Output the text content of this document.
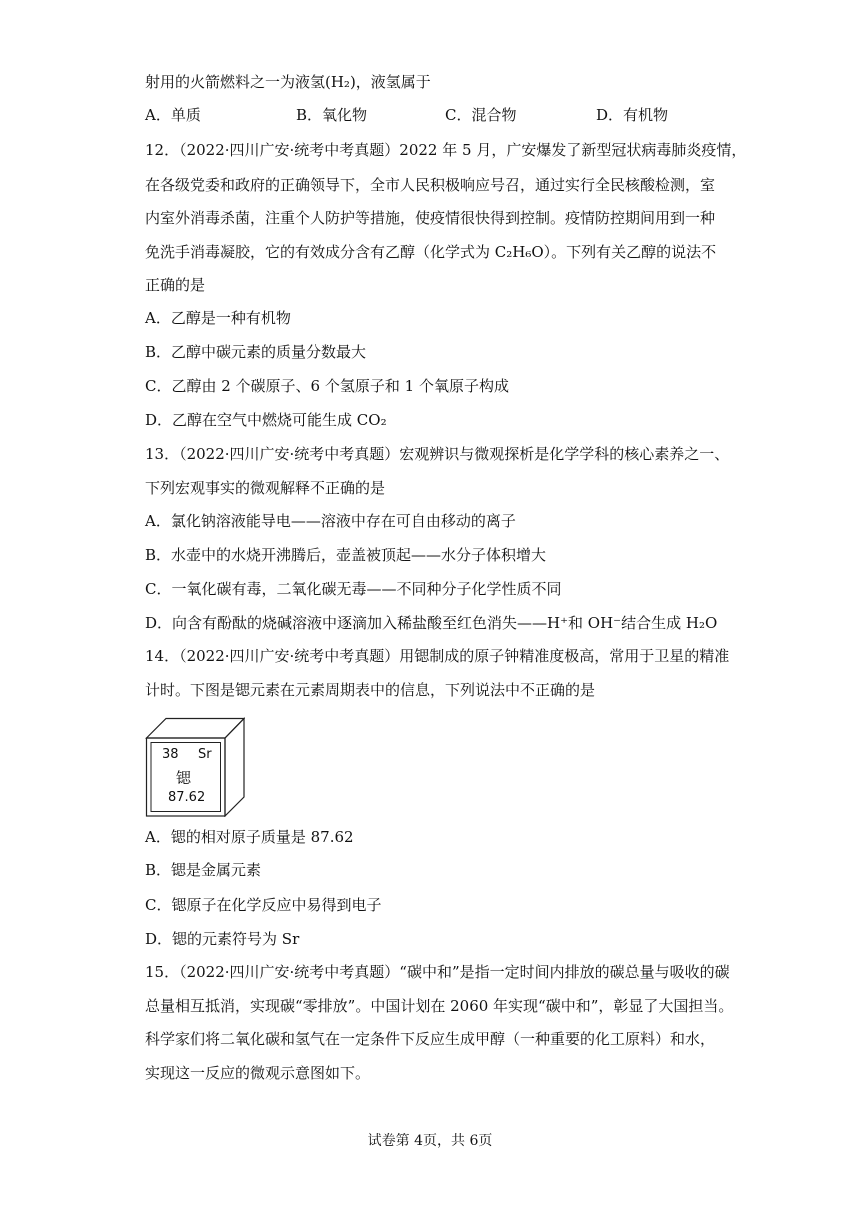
射用的火箭燃料之一为液氢(H₂)，液氢属于
A．单质	B．氧化物	C．混合物	D．有机物
12．（2022·四川广安·统考中考真题）2022 年 5 月，广安爆发了新型冠状病毒肺炎疫情，
在各级党委和政府的正确领导下，全市人民积极响应号召，通过实行全民核酸检测，室
内室外消毒杀菌，注重个人防护等措施，使疫情很快得到控制。疫情防控期间用到一种
免洗手消毒凝胶，它的有效成分含有乙醇（化学式为 C₂H₆O）。下列有关乙醇的说法不
正确的是
A．乙醇是一种有机物
B．乙醇中碳元素的质量分数最大
C．乙醇由 2 个碳原子、6 个氢原子和 1 个氧原子构成
D．乙醇在空气中燃烧可能生成 CO₂
13．（2022·四川广安·统考中考真题）宏观辨识与微观探析是化学学科的核心素养之一、
下列宏观事实的微观解释不正确的是
A．氯化钠溶液能导电——溶液中存在可自由移动的离子
B．水壶中的水烧开沸腾后，壶盖被顶起——水分子体积增大
C．一氧化碳有毒，二氧化碳无毒——不同种分子化学性质不同
D．向含有酚酞的烧碱溶液中逐滴加入稀盐酸至红色消失——H⁺和 OH⁻结合生成 H₂O
14．（2022·四川广安·统考中考真题）用锶制成的原子钟精准度极高，常用于卫星的精准
计时。下图是锶元素在元素周期表中的信息，下列说法中不正确的是
38 Sr
锶
87.62
A．锶的相对原子质量是 87.62
B．锶是金属元素
C．锶原子在化学反应中易得到电子
D．锶的元素符号为 Sr
15．（2022·四川广安·统考中考真题）“碳中和”是指一定时间内排放的碳总量与吸收的碳
总量相互抵消，实现碳“零排放”。中国计划在 2060 年实现“碳中和”，彰显了大国担当。
科学家们将二氧化碳和氢气在一定条件下反应生成甲醇（一种重要的化工原料）和水，
实现这一反应的微观示意图如下。
试卷第 4页，共 6页
